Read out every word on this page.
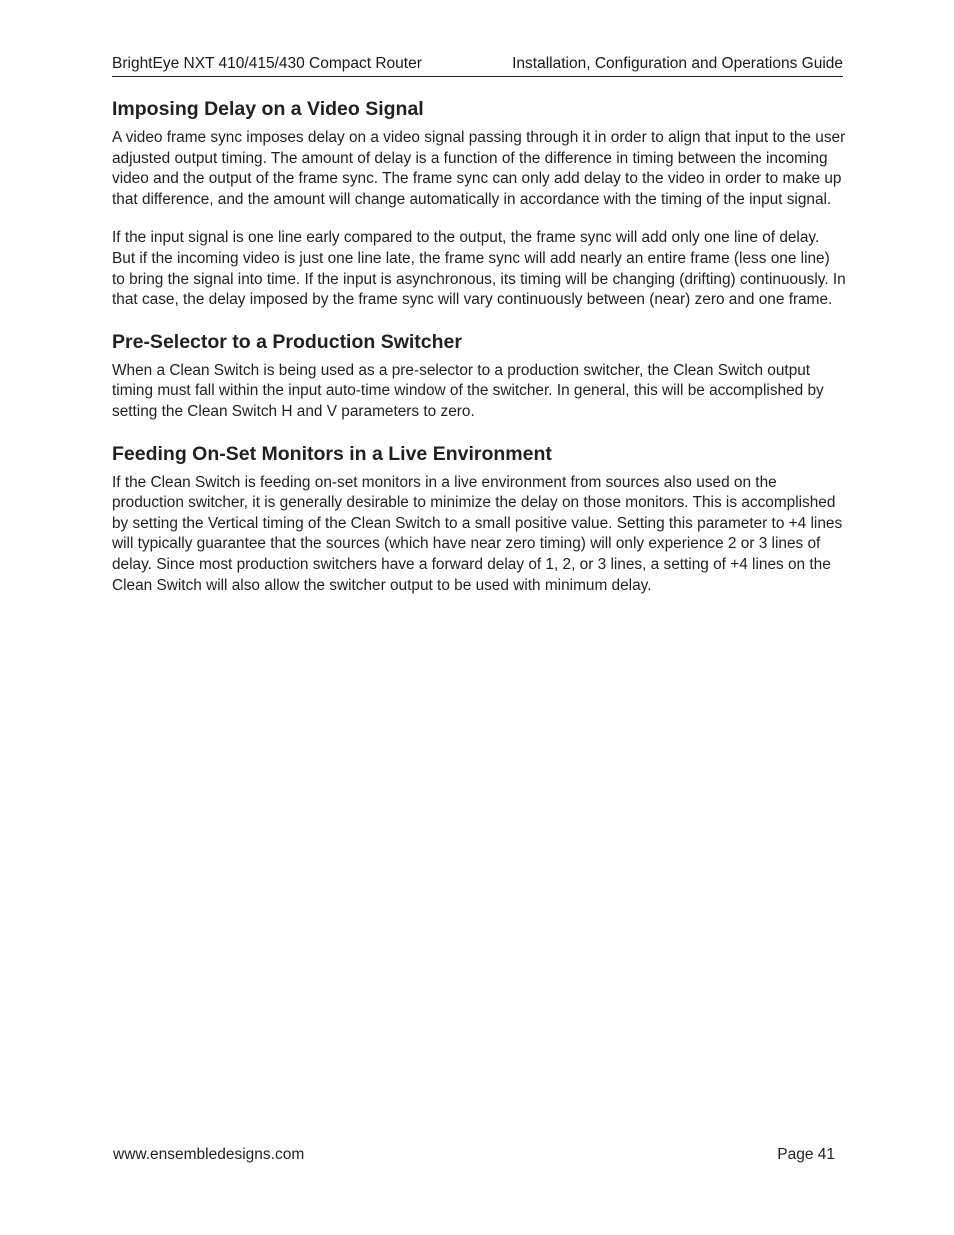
BrightEye NXT 410/415/430 Compact Router	Installation, Configuration and Operations Guide
Imposing Delay on a Video Signal

A video frame sync imposes delay on a video signal passing through it in order to align that input to the user adjusted output timing. The amount of delay is a function of the difference in timing between the incoming video and the output of the frame sync. The frame sync can only add delay to the video in order to make up that difference, and the amount will change automatically in accordance with the timing of the input signal.

If the input signal is one line early compared to the output, the frame sync will add only one line of delay. But if the incoming video is just one line late, the frame sync will add nearly an entire frame (less one line) to bring the signal into time. If the input is asynchronous, its timing will be changing (drifting) continuously. In that case, the delay imposed by the frame sync will vary continuously between (near) zero and one frame.

Pre-Selector to a Production Switcher

When a Clean Switch is being used as a pre-selector to a production switcher, the Clean Switch output timing must fall within the input auto-time window of the switcher. In general, this will be accomplished by setting the Clean Switch H and V parameters to zero.

Feeding On-Set Monitors in a Live Environment

If the Clean Switch is feeding on-set monitors in a live environment from sources also used on the production switcher, it is generally desirable to minimize the delay on those monitors. This is accomplished by setting the Vertical timing of the Clean Switch to a small positive value. Setting this parameter to +4 lines will typically guarantee that the sources (which have near zero timing) will only experience 2 or 3 lines of delay. Since most production switchers have a forward delay of 1, 2, or 3 lines, a setting of +4 lines on the Clean Switch will also allow the switcher output to be used with minimum delay.

www.ensembledesigns.com	Page 41
